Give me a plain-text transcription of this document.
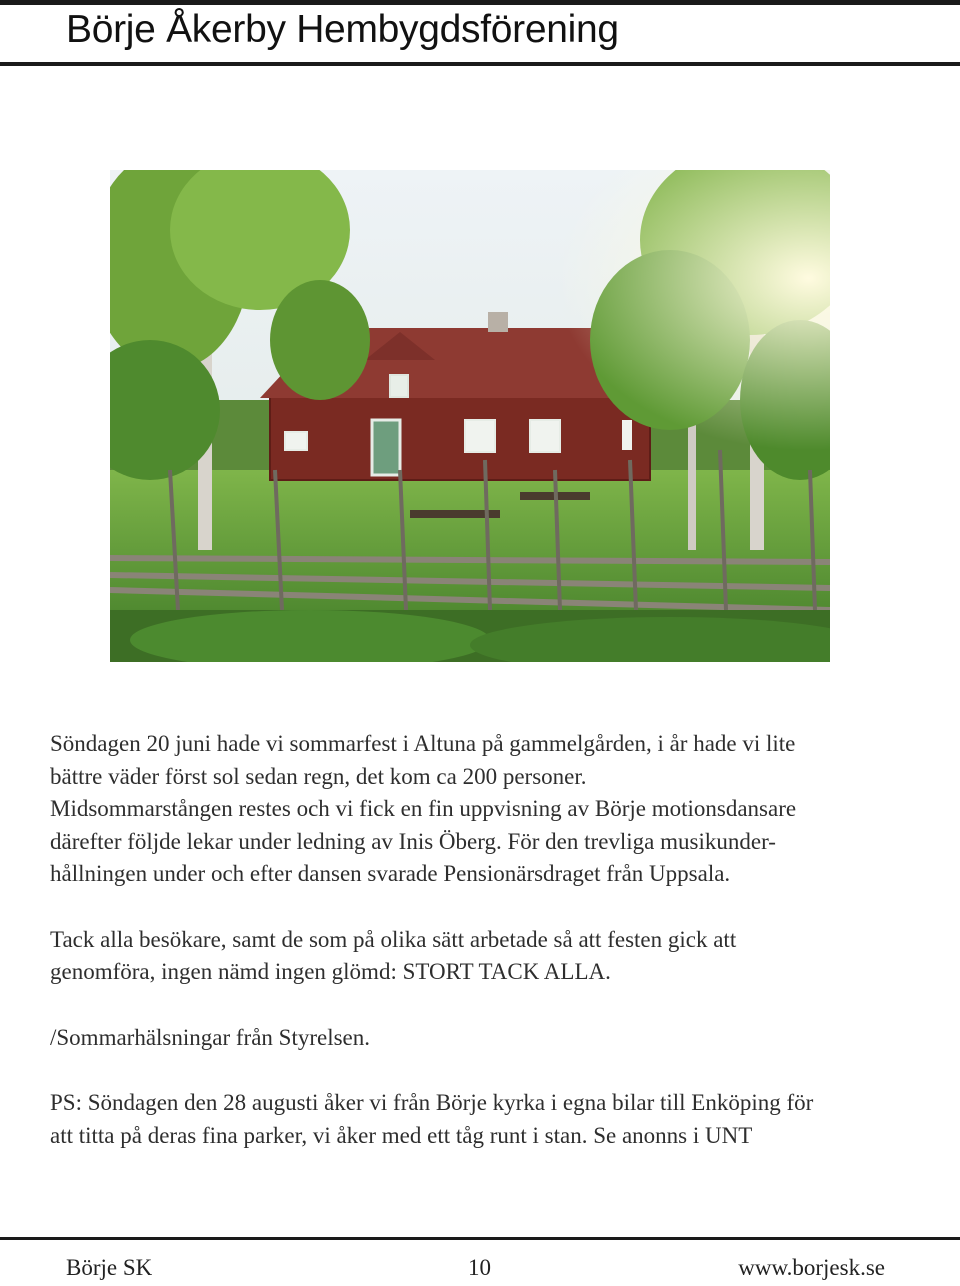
Börje Åkerby Hembygdsförening

Söndagen 20 juni hade vi sommarfest i Altuna på gammelgården, i år hade vi lite
bättre väder först sol sedan regn, det kom ca 200 personer.
Midsommarstången restes och vi fick en fin uppvisning av Börje motionsdansare
därefter följde lekar under ledning av Inis Öberg. För den trevliga musikunder-
hållningen under och efter dansen svarade Pensionärsdraget från Uppsala.

Tack alla besökare, samt de som på olika sätt arbetade så att festen gick att
genomföra, ingen nämd ingen glömd: STORT TACK ALLA.

/Sommarhälsningar från Styrelsen.

PS: Söndagen den 28 augusti åker vi från Börje kyrka i egna bilar till Enköping för
att titta på deras fina parker, vi åker med ett tåg runt i stan. Se anonns i UNT

Börje SK	10	www.borjesk.se
